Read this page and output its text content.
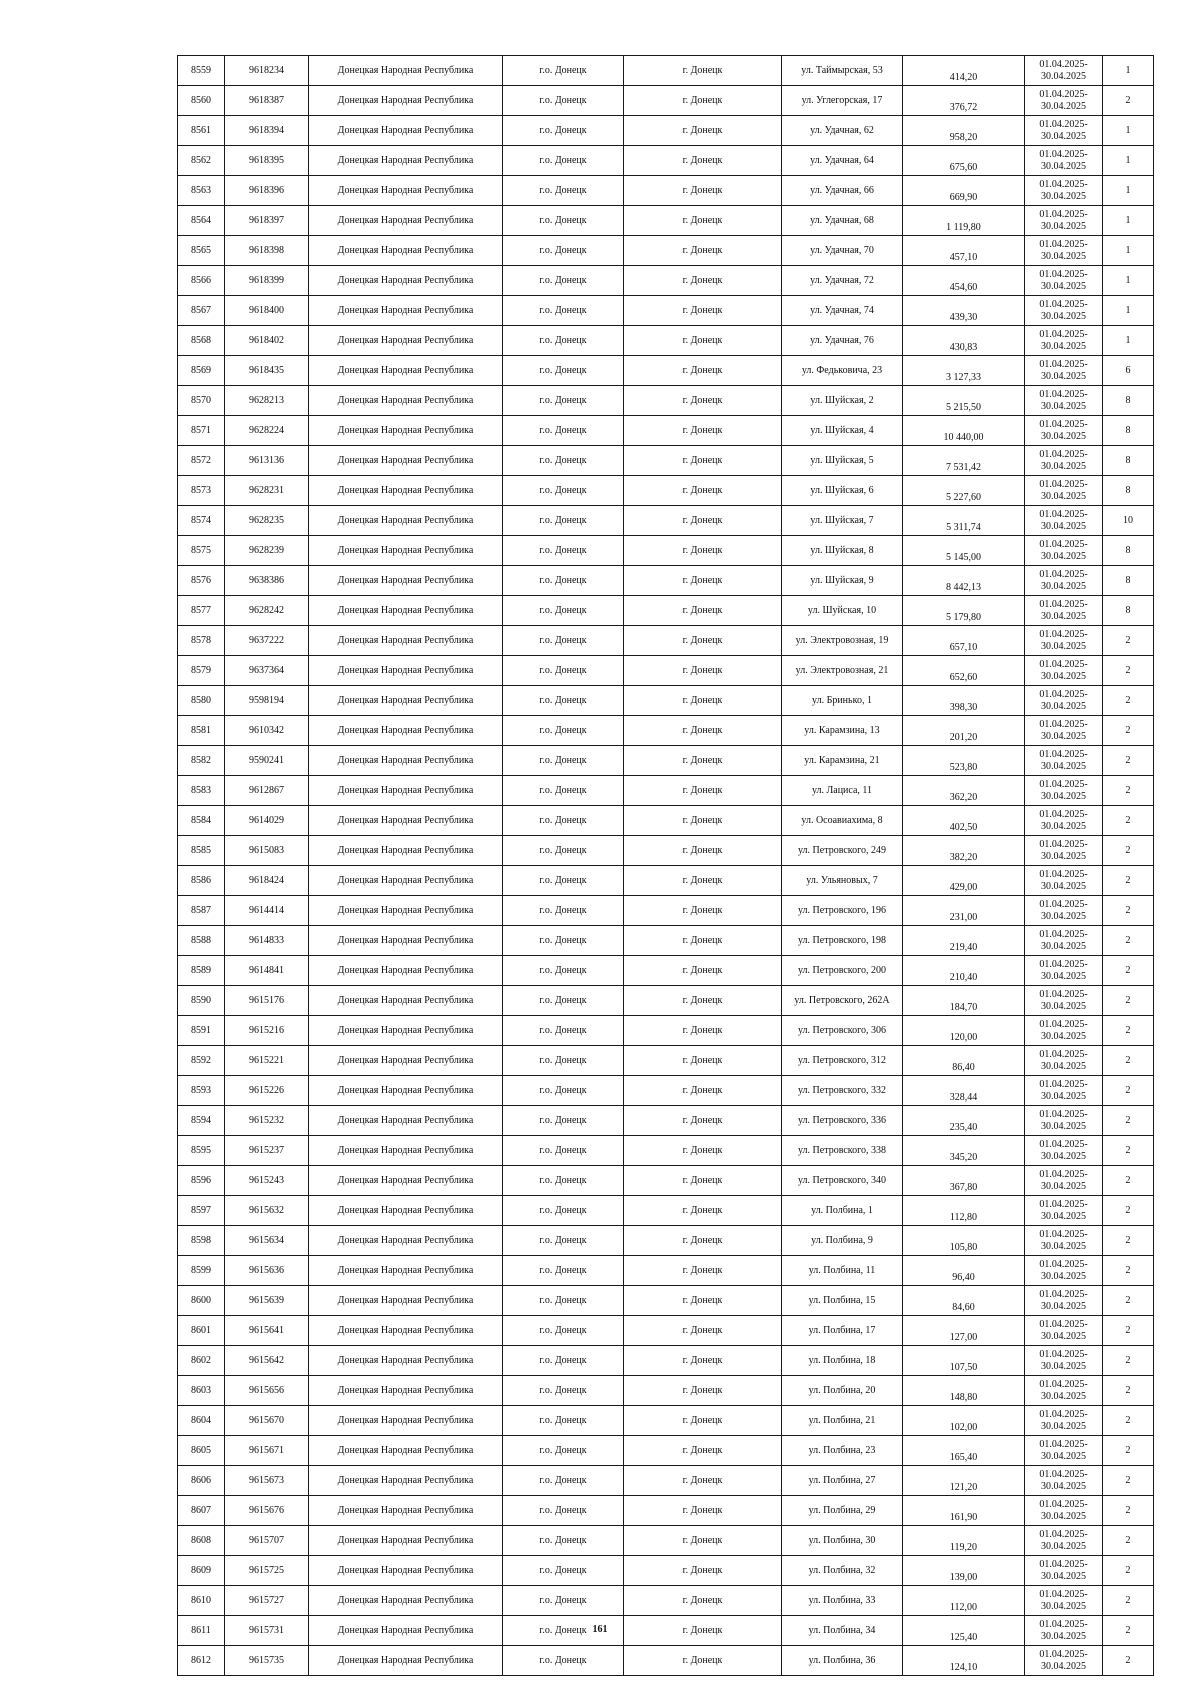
8559	9618234	Донецкая Народная Республика	г.о. Донецк	г. Донецк	ул. Таймырская, 53	414,20	01.04.2025-
30.04.2025	1
8560	9618387	Донецкая Народная Республика	г.о. Донецк	г. Донецк	ул. Углегорская, 17	376,72	01.04.2025-
30.04.2025	2
8561	9618394	Донецкая Народная Республика	г.о. Донецк	г. Донецк	ул. Удачная, 62	958,20	01.04.2025-
30.04.2025	1
8562	9618395	Донецкая Народная Республика	г.о. Донецк	г. Донецк	ул. Удачная, 64	675,60	01.04.2025-
30.04.2025	1
8563	9618396	Донецкая Народная Республика	г.о. Донецк	г. Донецк	ул. Удачная, 66	669,90	01.04.2025-
30.04.2025	1
8564	9618397	Донецкая Народная Республика	г.о. Донецк	г. Донецк	ул. Удачная, 68	1 119,80	01.04.2025-
30.04.2025	1
8565	9618398	Донецкая Народная Республика	г.о. Донецк	г. Донецк	ул. Удачная, 70	457,10	01.04.2025-
30.04.2025	1
8566	9618399	Донецкая Народная Республика	г.о. Донецк	г. Донецк	ул. Удачная, 72	454,60	01.04.2025-
30.04.2025	1
8567	9618400	Донецкая Народная Республика	г.о. Донецк	г. Донецк	ул. Удачная, 74	439,30	01.04.2025-
30.04.2025	1
8568	9618402	Донецкая Народная Республика	г.о. Донецк	г. Донецк	ул. Удачная, 76	430,83	01.04.2025-
30.04.2025	1
8569	9618435	Донецкая Народная Республика	г.о. Донецк	г. Донецк	ул. Федьковича, 23	3 127,33	01.04.2025-
30.04.2025	6
8570	9628213	Донецкая Народная Республика	г.о. Донецк	г. Донецк	ул. Шуйская, 2	5 215,50	01.04.2025-
30.04.2025	8
8571	9628224	Донецкая Народная Республика	г.о. Донецк	г. Донецк	ул. Шуйская, 4	10 440,00	01.04.2025-
30.04.2025	8
8572	9613136	Донецкая Народная Республика	г.о. Донецк	г. Донецк	ул. Шуйская, 5	7 531,42	01.04.2025-
30.04.2025	8
8573	9628231	Донецкая Народная Республика	г.о. Донецк	г. Донецк	ул. Шуйская, 6	5 227,60	01.04.2025-
30.04.2025	8
8574	9628235	Донецкая Народная Республика	г.о. Донецк	г. Донецк	ул. Шуйская, 7	5 311,74	01.04.2025-
30.04.2025	10
8575	9628239	Донецкая Народная Республика	г.о. Донецк	г. Донецк	ул. Шуйская, 8	5 145,00	01.04.2025-
30.04.2025	8
8576	9638386	Донецкая Народная Республика	г.о. Донецк	г. Донецк	ул. Шуйская, 9	8 442,13	01.04.2025-
30.04.2025	8
8577	9628242	Донецкая Народная Республика	г.о. Донецк	г. Донецк	ул. Шуйская, 10	5 179,80	01.04.2025-
30.04.2025	8
8578	9637222	Донецкая Народная Республика	г.о. Донецк	г. Донецк	ул. Электровозная, 19	657,10	01.04.2025-
30.04.2025	2
8579	9637364	Донецкая Народная Республика	г.о. Донецк	г. Донецк	ул. Электровозная, 21	652,60	01.04.2025-
30.04.2025	2
8580	9598194	Донецкая Народная Республика	г.о. Донецк	г. Донецк	ул. Бринько, 1	398,30	01.04.2025-
30.04.2025	2
8581	9610342	Донецкая Народная Республика	г.о. Донецк	г. Донецк	ул. Карамзина, 13	201,20	01.04.2025-
30.04.2025	2
8582	9590241	Донецкая Народная Республика	г.о. Донецк	г. Донецк	ул. Карамзина, 21	523,80	01.04.2025-
30.04.2025	2
8583	9612867	Донецкая Народная Республика	г.о. Донецк	г. Донецк	ул. Лациса, 11	362,20	01.04.2025-
30.04.2025	2
8584	9614029	Донецкая Народная Республика	г.о. Донецк	г. Донецк	ул. Осоавиахима, 8	402,50	01.04.2025-
30.04.2025	2
8585	9615083	Донецкая Народная Республика	г.о. Донецк	г. Донецк	ул. Петровского, 249	382,20	01.04.2025-
30.04.2025	2
8586	9618424	Донецкая Народная Республика	г.о. Донецк	г. Донецк	ул. Ульяновых, 7	429,00	01.04.2025-
30.04.2025	2
8587	9614414	Донецкая Народная Республика	г.о. Донецк	г. Донецк	ул. Петровского, 196	231,00	01.04.2025-
30.04.2025	2
8588	9614833	Донецкая Народная Республика	г.о. Донецк	г. Донецк	ул. Петровского, 198	219,40	01.04.2025-
30.04.2025	2
8589	9614841	Донецкая Народная Республика	г.о. Донецк	г. Донецк	ул. Петровского, 200	210,40	01.04.2025-
30.04.2025	2
8590	9615176	Донецкая Народная Республика	г.о. Донецк	г. Донецк	ул. Петровского, 262А	184,70	01.04.2025-
30.04.2025	2
8591	9615216	Донецкая Народная Республика	г.о. Донецк	г. Донецк	ул. Петровского, 306	120,00	01.04.2025-
30.04.2025	2
8592	9615221	Донецкая Народная Республика	г.о. Донецк	г. Донецк	ул. Петровского, 312	86,40	01.04.2025-
30.04.2025	2
8593	9615226	Донецкая Народная Республика	г.о. Донецк	г. Донецк	ул. Петровского, 332	328,44	01.04.2025-
30.04.2025	2
8594	9615232	Донецкая Народная Республика	г.о. Донецк	г. Донецк	ул. Петровского, 336	235,40	01.04.2025-
30.04.2025	2
8595	9615237	Донецкая Народная Республика	г.о. Донецк	г. Донецк	ул. Петровского, 338	345,20	01.04.2025-
30.04.2025	2
8596	9615243	Донецкая Народная Республика	г.о. Донецк	г. Донецк	ул. Петровского, 340	367,80	01.04.2025-
30.04.2025	2
8597	9615632	Донецкая Народная Республика	г.о. Донецк	г. Донецк	ул. Полбина, 1	112,80	01.04.2025-
30.04.2025	2
8598	9615634	Донецкая Народная Республика	г.о. Донецк	г. Донецк	ул. Полбина, 9	105,80	01.04.2025-
30.04.2025	2
8599	9615636	Донецкая Народная Республика	г.о. Донецк	г. Донецк	ул. Полбина, 11	96,40	01.04.2025-
30.04.2025	2
8600	9615639	Донецкая Народная Республика	г.о. Донецк	г. Донецк	ул. Полбина, 15	84,60	01.04.2025-
30.04.2025	2
8601	9615641	Донецкая Народная Республика	г.о. Донецк	г. Донецк	ул. Полбина, 17	127,00	01.04.2025-
30.04.2025	2
8602	9615642	Донецкая Народная Республика	г.о. Донецк	г. Донецк	ул. Полбина, 18	107,50	01.04.2025-
30.04.2025	2
8603	9615656	Донецкая Народная Республика	г.о. Донецк	г. Донецк	ул. Полбина, 20	148,80	01.04.2025-
30.04.2025	2
8604	9615670	Донецкая Народная Республика	г.о. Донецк	г. Донецк	ул. Полбина, 21	102,00	01.04.2025-
30.04.2025	2
8605	9615671	Донецкая Народная Республика	г.о. Донецк	г. Донецк	ул. Полбина, 23	165,40	01.04.2025-
30.04.2025	2
8606	9615673	Донецкая Народная Республика	г.о. Донецк	г. Донецк	ул. Полбина, 27	121,20	01.04.2025-
30.04.2025	2
8607	9615676	Донецкая Народная Республика	г.о. Донецк	г. Донецк	ул. Полбина, 29	161,90	01.04.2025-
30.04.2025	2
8608	9615707	Донецкая Народная Республика	г.о. Донецк	г. Донецк	ул. Полбина, 30	119,20	01.04.2025-
30.04.2025	2
8609	9615725	Донецкая Народная Республика	г.о. Донецк	г. Донецк	ул. Полбина, 32	139,00	01.04.2025-
30.04.2025	2
8610	9615727	Донецкая Народная Республика	г.о. Донецк	г. Донецк	ул. Полбина, 33	112,00	01.04.2025-
30.04.2025	2
8611	9615731	Донецкая Народная Республика	г.о. Донецк	г. Донецк	ул. Полбина, 34	125,40	01.04.2025-
30.04.2025	2
8612	9615735	Донецкая Народная Республика	г.о. Донецк	г. Донецк	ул. Полбина, 36	124,10	01.04.2025-
30.04.2025	2
161
